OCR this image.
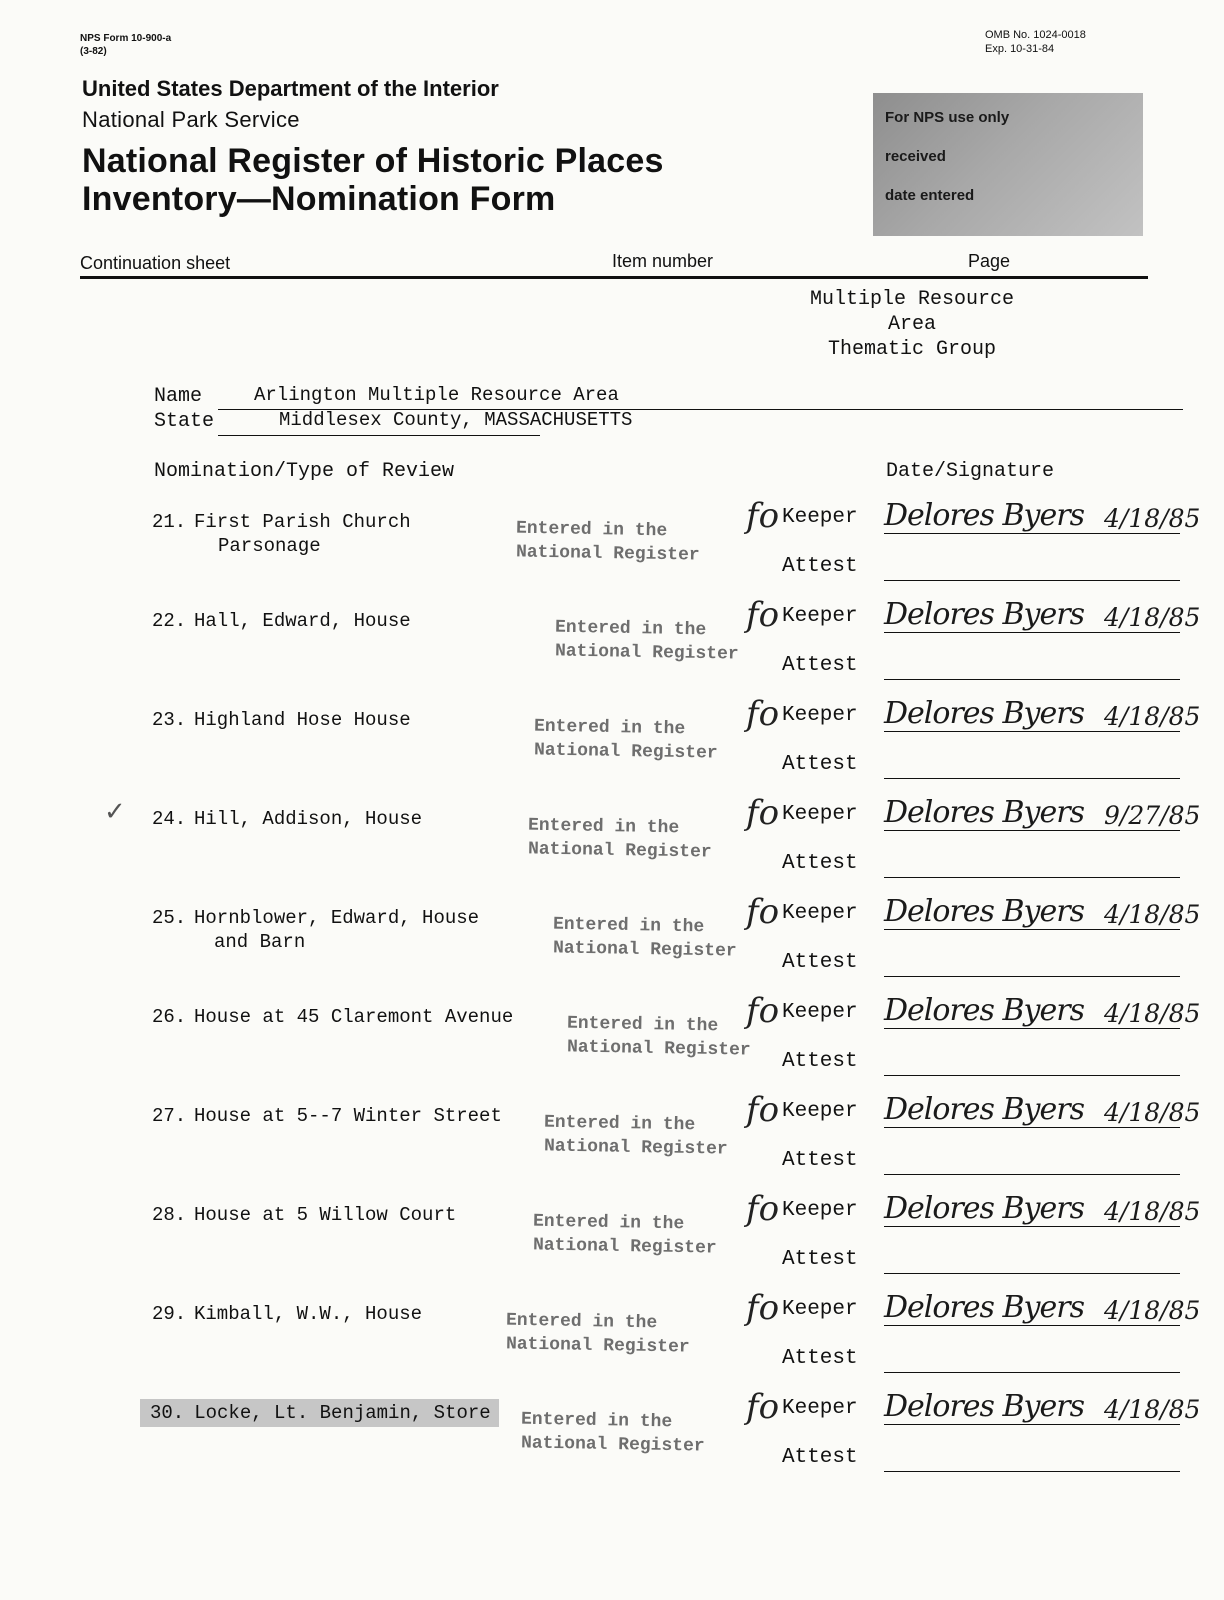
NPS Form 10-900-a
(3-82)
OMB No. 1024-0018
Exp. 10-31-84
United States Department of the Interior
National Park Service
National Register of Historic Places
Inventory—Nomination Form
For NPS use only
received
date entered
Continuation sheet	Item number	Page
Multiple Resource Area
Thematic Group
Name	Arlington Multiple Resource Area
State	Middlesex County, MASSACHUSETTS
Nomination/Type of Review	Date/Signature
21. First Parish Church
Parsonage
Entered in the
National Register
fo Keeper
Attest
Delores Byers 4/18/85
22. Hall, Edward, House	Entered in the
National Register
fo Keeper
Attest
Delores Byers 4/18/85
23. Highland Hose House	Entered in the
National Register
fo Keeper
Attest
Delores Byers 4/18/85
24. Hill, Addison, House
✓	Entered in the
National Register
fo Keeper
Attest
Delores Byers 9/27/85
25. Hornblower, Edward, House
and Barn
Entered in the
National Register
fo Keeper
Attest
Delores Byers 4/18/85
26. House at 45 Claremont Avenue	Entered in the
National Register
fo Keeper
Attest
Delores Byers 4/18/85
27. House at 5--7 Winter Street Entered in the
National Register
fo Keeper
Attest
Delores Byers 4/18/85
28. House at 5 Willow Court	Entered in the
National Register
fo Keeper
Attest
Delores Byers 4/18/85
29. Kimball, W.W., House	Entered in the
National Register
fo Keeper
Attest
Delores Byers 4/18/85
30. Locke, Lt. Benjamin, Store	Entered in the
National Register
fo Keeper
Attest
Delores Byers 4/18/85
